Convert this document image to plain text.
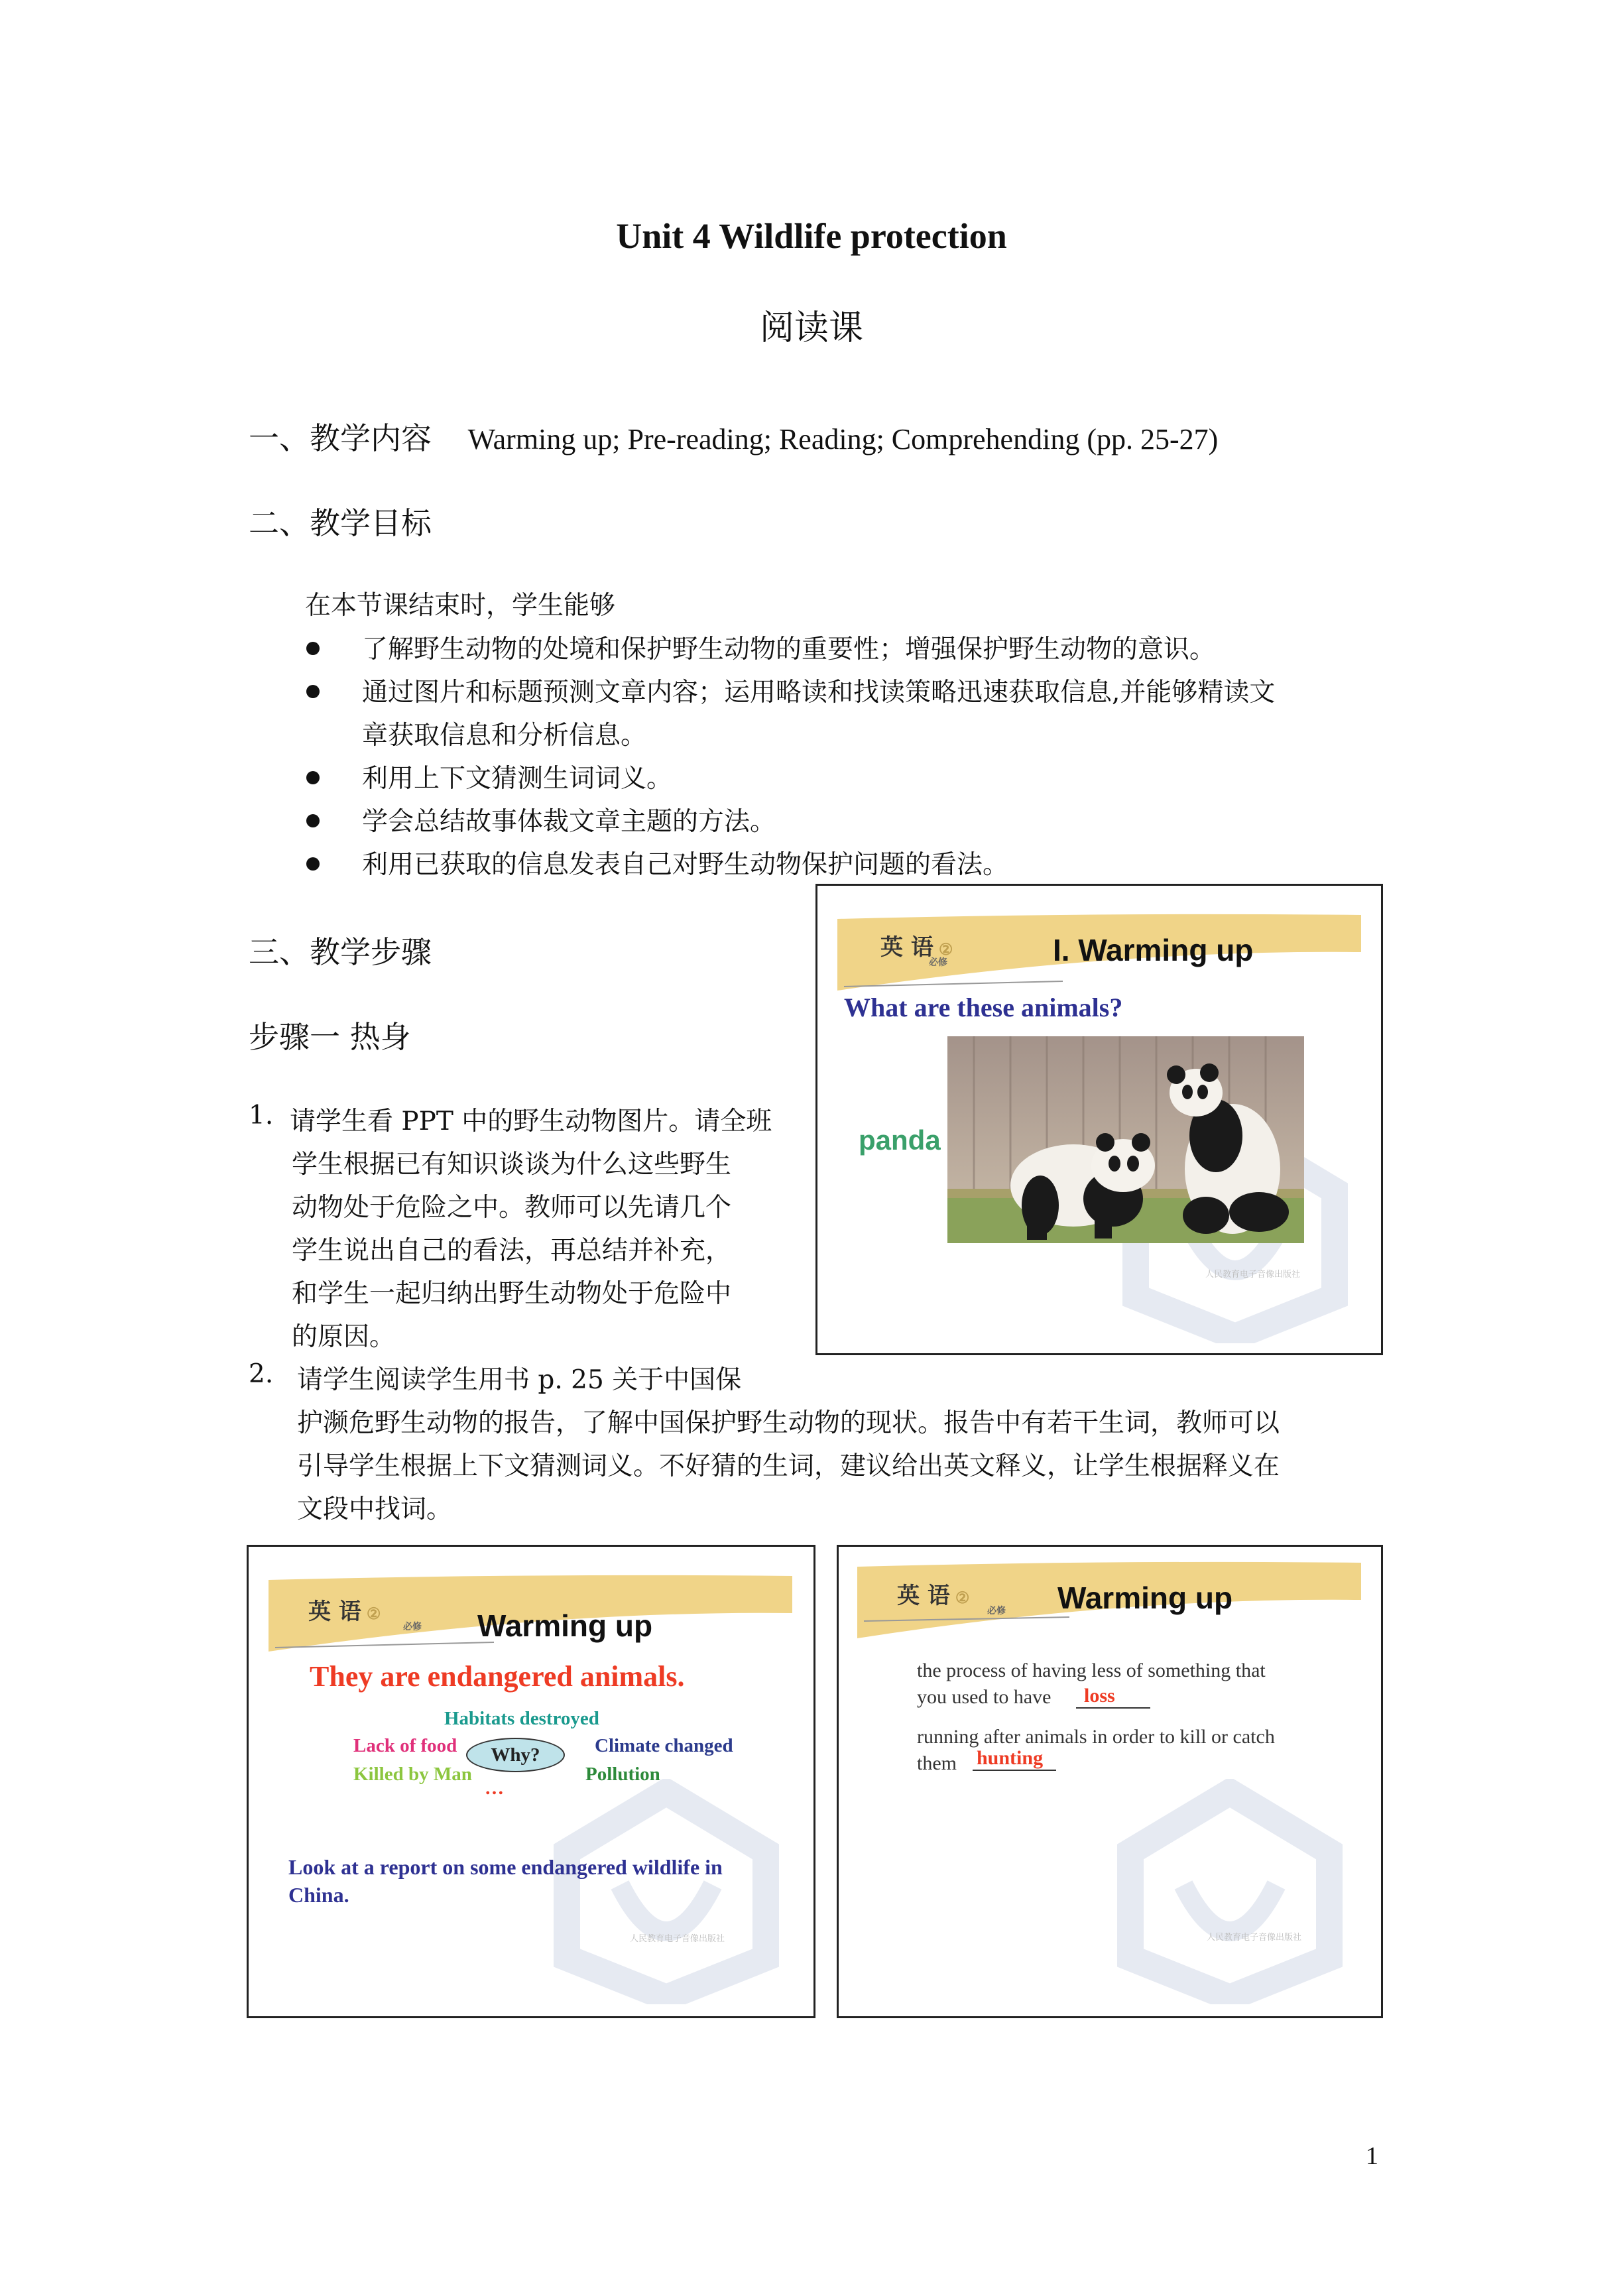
Unit 4 Wildlife protection
阅读课
一、教学内容 Warming up; Pre-reading; Reading; Comprehending (pp. 25-27)
二、教学目标
在本节课结束时，学生能够
了解野生动物的处境和保护野生动物的重要性；增强保护野生动物的意识。
通过图片和标题预测文章内容；运用略读和找读策略迅速获取信息,并能够精读文
章获取信息和分析信息。
利用上下文猜测生词词义。
学会总结故事体裁文章主题的方法。
利用已获取的信息发表自己对野生动物保护问题的看法。
三、教学步骤
步骤一 热身
1. 请学生看 PPT 中的野生动物图片。请全班
学生根据已有知识谈谈为什么这些野生
动物处于危险之中。教师可以先请几个
学生说出自己的看法，再总结并补充，
和学生一起归纳出野生动物处于危险中
的原因。
2. 请学生阅读学生用书 p. 25 关于中国保
护濒危野生动物的报告，了解中国保护野生动物的现状。报告中有若干生词，教师可以
引导学生根据上下文猜测词义。不好猜的生词，建议给出英文释义，让学生根据释义在
文段中找词。
英 语 ②
必修	I. Warming up
What are these animals?
panda
人民教育电子音像出版社
英 语 ②
必修 Warming up
人民教育电子音像出版社
They are endangered animals.
Habitats destroyed
Lack of food	Why?	Climate changed
Killed by Man	Pollution
…
Look at a report on some endangered wildlife in China.
英 语 ②
必修 Warming up
人民教育电子音像出版社
the process of having less of something that
you used to have	loss
running after animals in order to kill or catch
them hunting
1
